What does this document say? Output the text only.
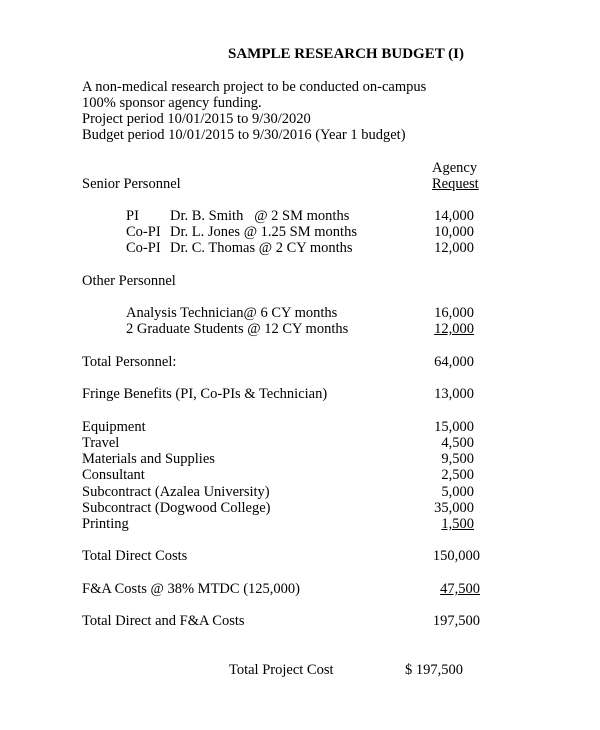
SAMPLE RESEARCH BUDGET (I)
A non-medical research project to be conducted on-campus
100% sponsor agency funding.
Project period 10/01/2015 to 9/30/2020
Budget period 10/01/2015 to 9/30/2016 (Year 1 budget)
Agency
Request
Senior Personnel
PI Dr. B. Smith   @ 2 SM months	14,000
Co-PI Dr. L. Jones @ 1.25 SM months	10,000
Co-PI Dr. C. Thomas @ 2 CY months	12,000
Other Personnel
Analysis Technician@ 6 CY months	16,000
2 Graduate Students @ 12 CY months	12,000
Total Personnel:	64,000
Fringe Benefits (PI, Co-PIs & Technician)	13,000
Equipment	15,000
Travel	4,500
Materials and Supplies	9,500
Consultant	2,500
Subcontract (Azalea University)	5,000
Subcontract (Dogwood College)	35,000
Printing	1,500
Total Direct Costs	150,000
F&A Costs @ 38% MTDC (125,000)	47,500
Total Direct and F&A Costs	197,500
Total Project Cost	$ 197,500
